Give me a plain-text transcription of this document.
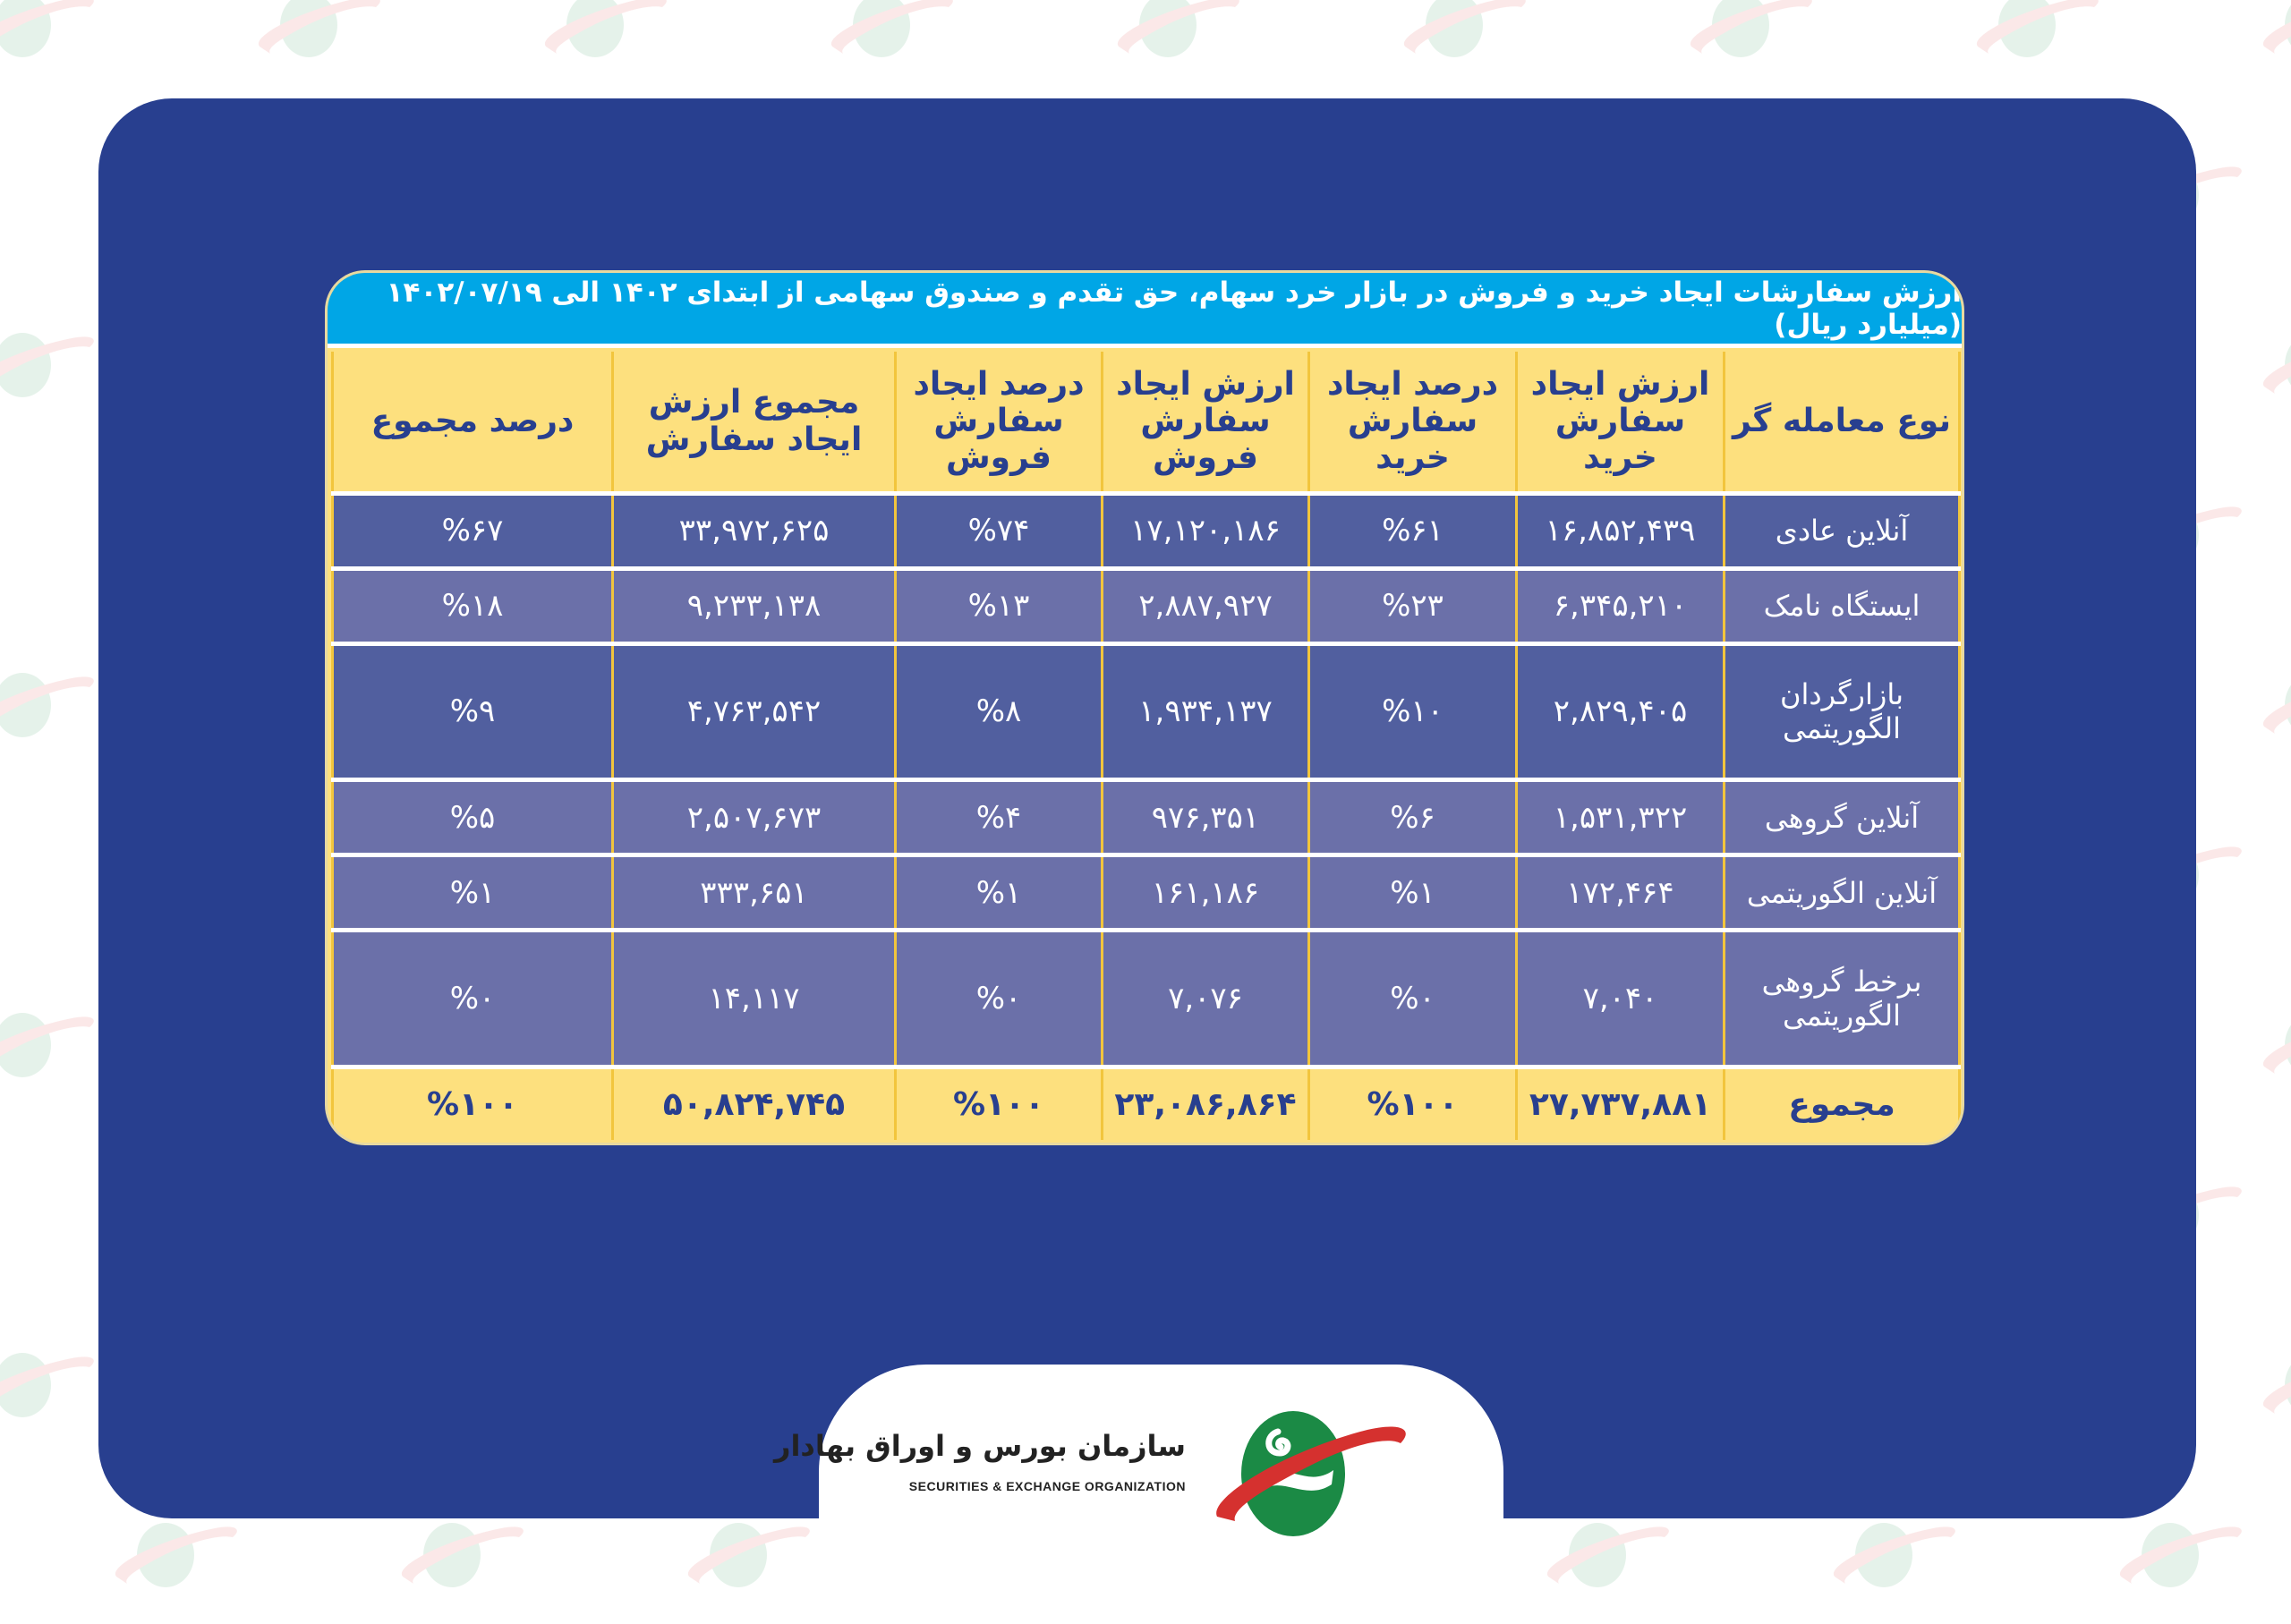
ارزش سفارشات ایجاد خرید و فروش در بازار خرد سهام، حق تقدم و صندوق سهامی از ابتدای ۱۴۰۲ الی ۱۴۰۲/۰۷/۱۹ (میلیارد ریال)
نوع معامله گر	ارزش ایجاد سفارش خرید	درصد ایجاد سفارش خرید	ارزش ایجاد سفارش فروش	درصد ایجاد سفارش فروش	مجموع ارزش ایجاد سفارش	درصد مجموع
آنلاین عادی	۱۶,۸۵۲,۴۳۹	%۶۱	۱۷,۱۲۰,۱۸۶	%۷۴	۳۳,۹۷۲,۶۲۵	%۶۷
ایستگاه نامک	۶,۳۴۵,۲۱۰	%۲۳	۲,۸۸۷,۹۲۷	%۱۳	۹,۲۳۳,۱۳۸	%۱۸
بازارگردان الگوریتمی	۲,۸۲۹,۴۰۵	%۱۰	۱,۹۳۴,۱۳۷	%۸	۴,۷۶۳,۵۴۲	%۹
آنلاین گروهی	۱,۵۳۱,۳۲۲	%۶	۹۷۶,۳۵۱	%۴	۲,۵۰۷,۶۷۳	%۵
آنلاین الگوریتمی	۱۷۲,۴۶۴	%۱	۱۶۱,۱۸۶	%۱	۳۳۳,۶۵۱	%۱
برخط گروهی الگوریتمی	۷,۰۴۰	%۰	۷,۰۷۶	%۰	۱۴,۱۱۷	%۰
مجموع	۲۷,۷۳۷,۸۸۱	%۱۰۰	۲۳,۰۸۶,۸۶۴	%۱۰۰	۵۰,۸۲۴,۷۴۵	%۱۰۰
سازمان بورس و اوراق بهادار
SECURITIES & EXCHANGE ORGANIZATION
